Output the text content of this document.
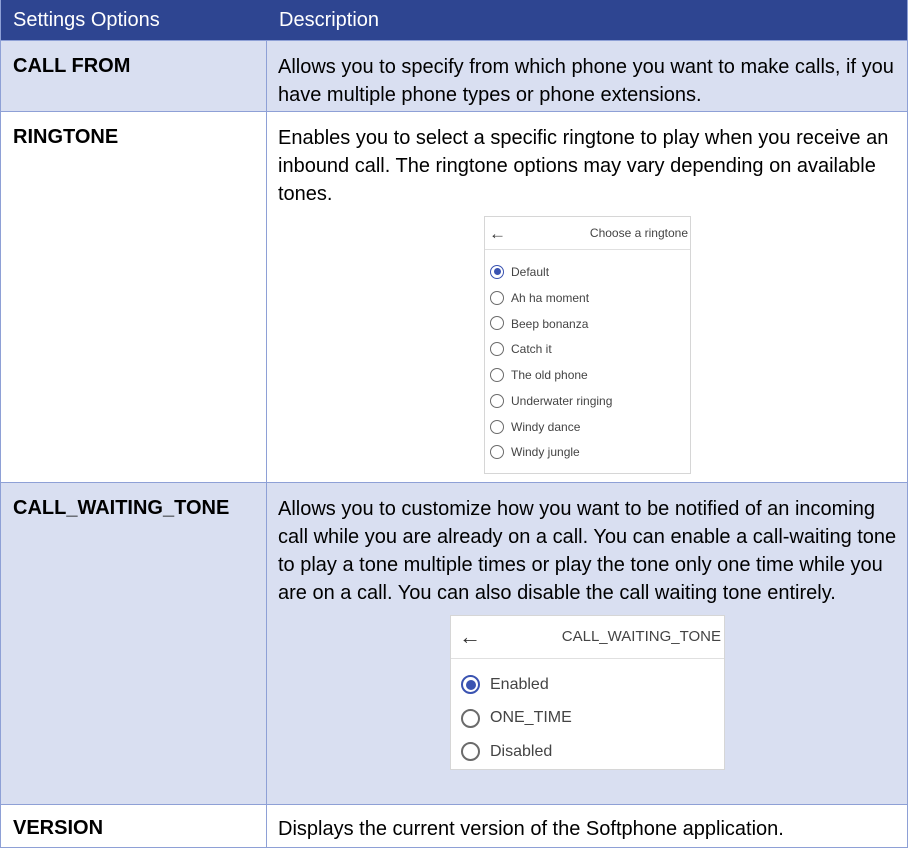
Settings Options	Description
CALL FROM	Allows you to specify from which phone you want to make calls, if you have multiple phone types or phone extensions.
RINGTONE	Enables you to select a specific ringtone to play when you receive an inbound call. The ringtone options may vary depending on available tones.
←	Choose a ringtone
Default
Ah ha moment
Beep bonanza
Catch it
The old phone
Underwater ringing
Windy dance
Windy jungle
CALL_WAITING_TONE	Allows you to customize how you want to be notified of an incoming call while you are already on a call. You can enable a call-waiting tone to play a tone multiple times or play the tone only one time while you are on a call. You can also disable the call waiting tone entirely.
←	CALL_WAITING_TONE
Enabled
ONE_TIME
Disabled
VERSION	Displays the current version of the Softphone application.
